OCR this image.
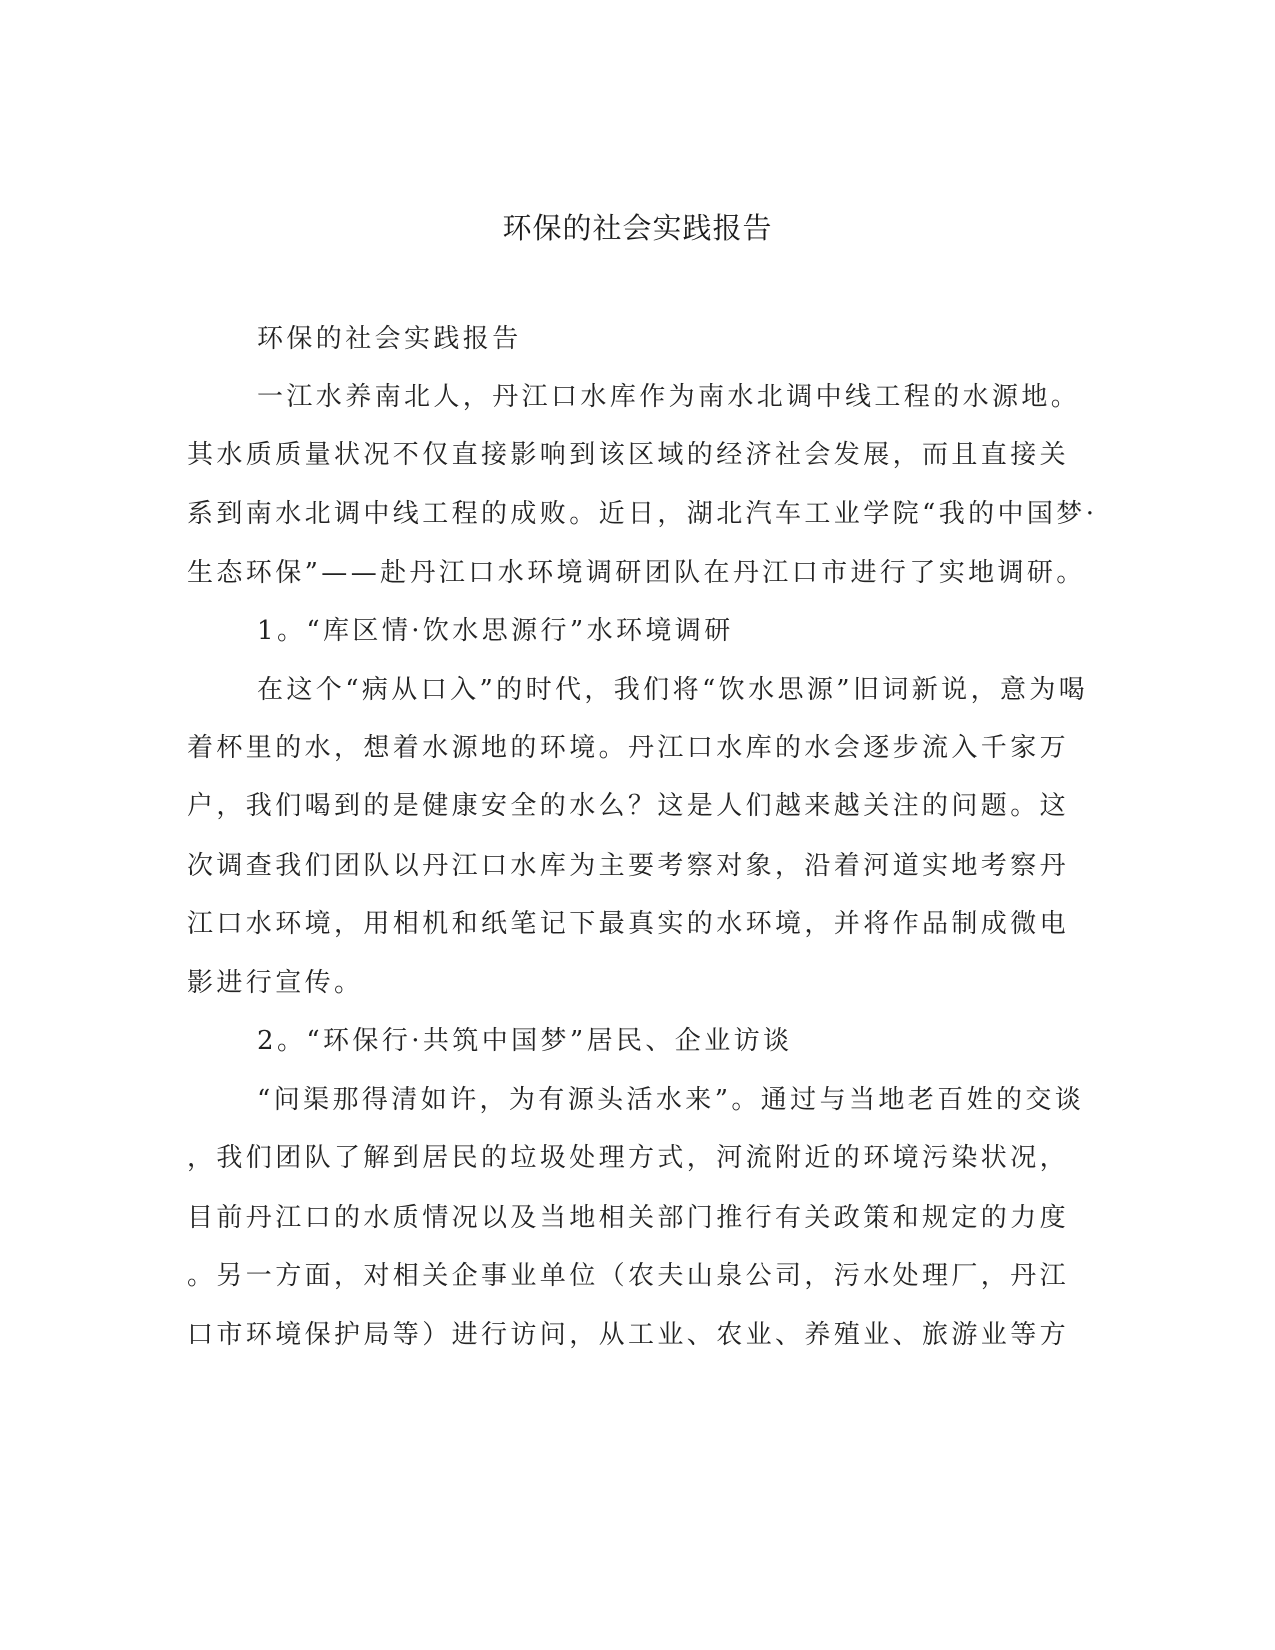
环保的社会实践报告
环保的社会实践报告
一江水养南北人，丹江口水库作为南水北调中线工程的水源地。
其水质质量状况不仅直接影响到该区域的经济社会发展，而且直接关
系到南水北调中线工程的成败。近日，湖北汽车工业学院“我的中国梦·
生态环保”——赴丹江口水环境调研团队在丹江口市进行了实地调研。
1。“库区情·饮水思源行”水环境调研
在这个“病从口入”的时代，我们将“饮水思源”旧词新说，意为喝
着杯里的水，想着水源地的环境。丹江口水库的水会逐步流入千家万
户，我们喝到的是健康安全的水么？这是人们越来越关注的问题。这
次调查我们团队以丹江口水库为主要考察对象，沿着河道实地考察丹
江口水环境，用相机和纸笔记下最真实的水环境，并将作品制成微电
影进行宣传。
2。“环保行·共筑中国梦”居民、企业访谈
“问渠那得清如许，为有源头活水来”。通过与当地老百姓的交谈
，我们团队了解到居民的垃圾处理方式，河流附近的环境污染状况，
目前丹江口的水质情况以及当地相关部门推行有关政策和规定的力度
。另一方面，对相关企事业单位（农夫山泉公司，污水处理厂，丹江
口市环境保护局等）进行访问，从工业、农业、养殖业、旅游业等方
